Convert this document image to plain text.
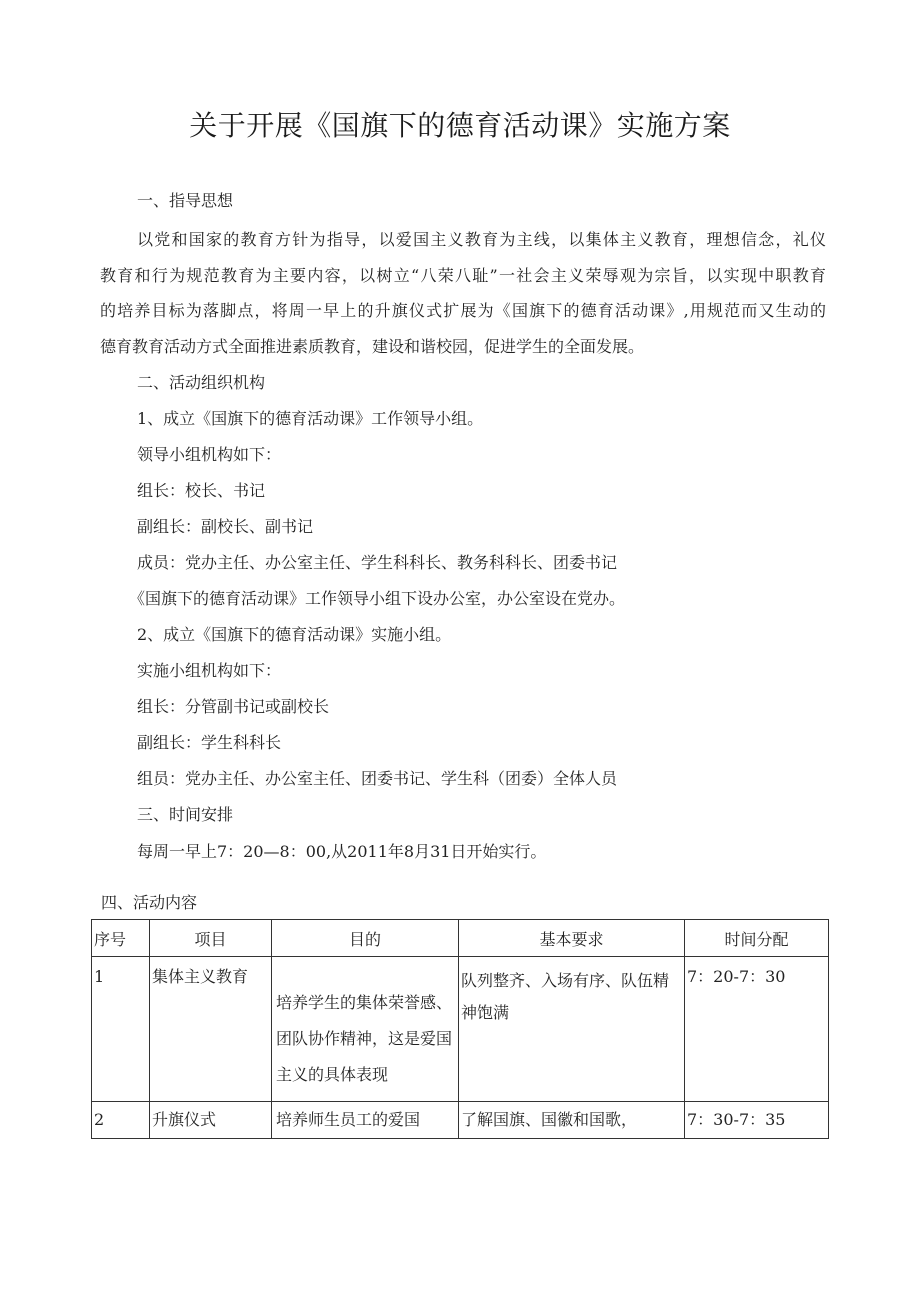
关于开展《国旗下的德育活动课》实施方案
一、指导思想
以党和国家的教育方针为指导，以爱国主义教育为主线，以集体主义教育，理想信念，礼仪
教育和行为规范教育为主要内容，以树立“八荣八耻”一社会主义荣辱观为宗旨，以实现中职教育
的培养目标为落脚点，将周一早上的升旗仪式扩展为《国旗下的德育活动课》,用规范而又生动的
德育教育活动方式全面推进素质教育，建设和谐校园，促进学生的全面发展。
二、活动组织机构
1、成立《国旗下的德育活动课》工作领导小组。
领导小组机构如下：
组长：校长、书记
副组长：副校长、副书记
成员：党办主任、办公室主任、学生科科长、教务科科长、团委书记
《国旗下的德育活动课》工作领导小组下设办公室，办公室设在党办。
2、成立《国旗下的德育活动课》实施小组。
实施小组机构如下：
组长：分管副书记或副校长
副组长：学生科科长
组员：党办主任、办公室主任、团委书记、学生科（团委）全体人员
三、时间安排
每周一早上7：20—8：00,从2011年8月31日开始实行。
四、活动内容
序号	项目	目的	基本要求	时间分配

1	集体主义教育	培养学生的集体荣誉感、团队协作精神，这是爱国主义的具体表现	队列整齐、入场有序、队伍精神饱满	7：20-7：30

2	升旗仪式	培养师生员工的爱国	了解国旗、国徽和国歌，	7：30-7：35
